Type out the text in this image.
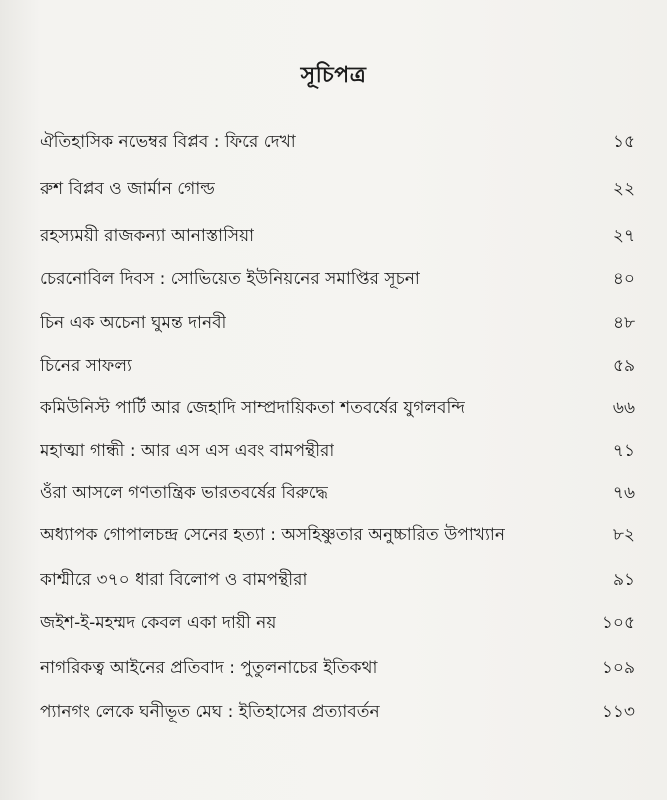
সূচিপত্র
ঐতিহাসিক নভেম্বর বিপ্লব : ফিরে দেখা	১৫
রুশ বিপ্লব ও জার্মান গোল্ড	২২
রহস্যময়ী রাজকন্যা আনাস্তাসিয়া	২৭
চেরনোবিল দিবস : সোভিয়েত ইউনিয়নের সমাপ্তির সূচনা	৪০
চিন এক অচেনা ঘুমন্ত দানবী	৪৮
চিনের সাফল্য	৫৯
কমিউনিস্ট পার্টি আর জেহাদি সাম্প্রদায়িকতা শতবর্ষের যুগলবন্দি	৬৬
মহাত্মা গান্ধী : আর এস এস এবং বামপন্থীরা	৭১
ওঁরা আসলে গণতান্ত্রিক ভারতবর্ষের বিরুদ্ধে	৭৬
অধ্যাপক গোপালচন্দ্র সেনের হত্যা : অসহিষ্ণুতার অনুচ্চারিত উপাখ্যান	৮২
কাশ্মীরে ৩৭০ ধারা বিলোপ ও বামপন্থীরা	৯১
জইশ-ই-মহম্মদ কেবল একা দায়ী নয়	১০৫
নাগরিকত্ব আইনের প্রতিবাদ : পুতুলনাচের ইতিকথা	১০৯
প্যানগং লেকে ঘনীভূত মেঘ : ইতিহাসের প্রত্যাবর্তন	১১৩
